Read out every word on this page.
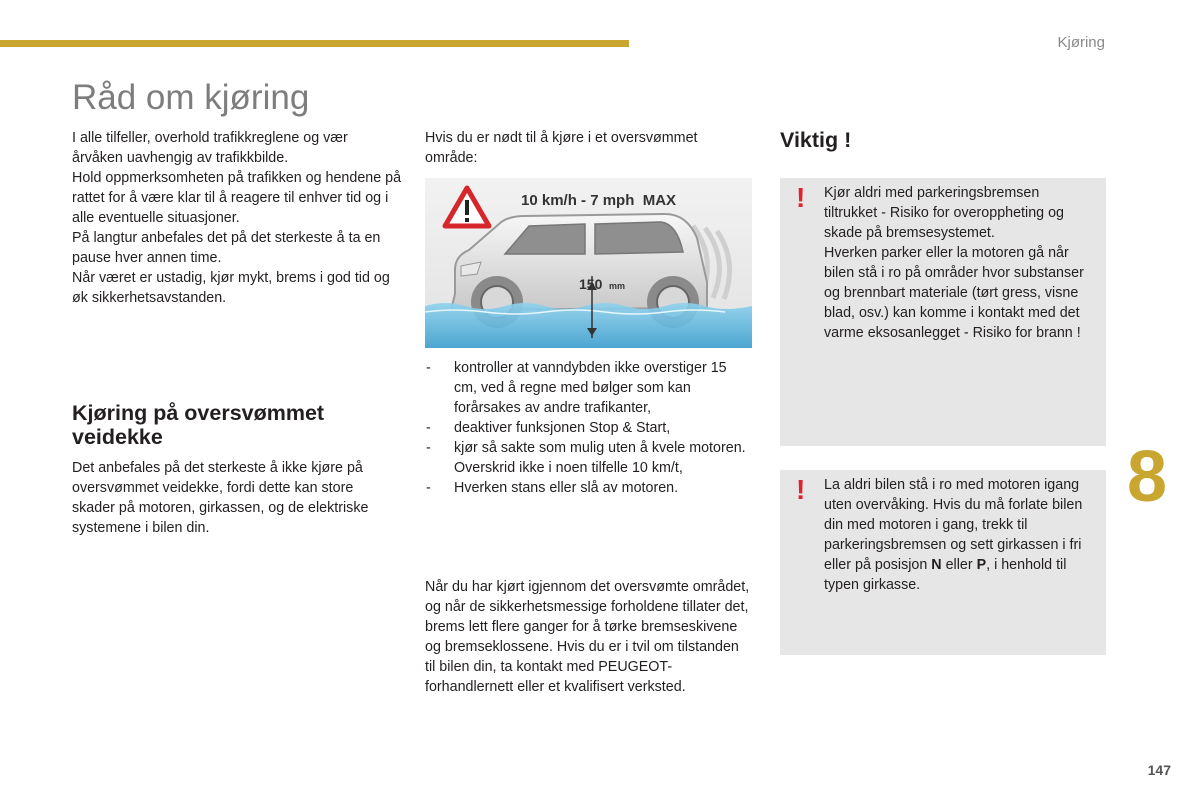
Kjøring
Råd om kjøring

I alle tilfeller, overhold trafikkreglene og vær årvåken uavhengig av trafikkbilde.

Hold oppmerksomheten på trafikken og hendene på rattet for å være klar til å reagere til enhver tid og i alle eventuelle situasjoner.

På langtur anbefales det på det sterkeste å ta en pause hver annen time.

Når været er ustadig, kjør mykt, brems i god tid og øk sikkerhetsavstanden.

Kjøring på oversvømmet veidekke

Det anbefales på det sterkeste å ikke kjøre på oversvømmet veidekke, fordi dette kan store skader på motoren, girkassen, og de elektriske systemene i bilen din.

Hvis du er nødt til å kjøre i et oversvømmet område:

10 km/h - 7 mph  MAX
150 mm
- kontroller at vanndybden ikke overstiger 15 cm, ved å regne med bølger som kan forårsakes av andre trafikanter,
- deaktiver funksjonen Stop & Start,
- kjør så sakte som mulig uten å kvele motoren. Overskrid ikke i noen tilfelle 10 km/t,
- Hverken stans eller slå av motoren.

Når du har kjørt igjennom det oversvømte området, og når de sikkerhetsmessige forholdene tillater det, brems lett flere ganger for å tørke bremseskivene og bremseklossene. Hvis du er i tvil om tilstanden til bilen din, ta kontakt med PEUGEOT-forhandlernett eller et kvalifisert verksted.

Viktig !
! Kjør aldri med parkeringsbremsen tiltrukket - Risiko for overoppheting og skade på bremsesystemet.
Hverken parker eller la motoren gå når bilen stå i ro på områder hvor substanser og brennbart materiale (tørt gress, visne blad, osv.) kan komme i kontakt med det varme eksosanlegget - Risiko for brann !
! La aldri bilen stå i ro med motoren igang uten overvåking. Hvis du må forlate bilen din med motoren i gang, trekk til parkeringsbremsen og sett girkassen i fri eller på posisjon N eller P, i henhold til typen girkasse.
8
147
